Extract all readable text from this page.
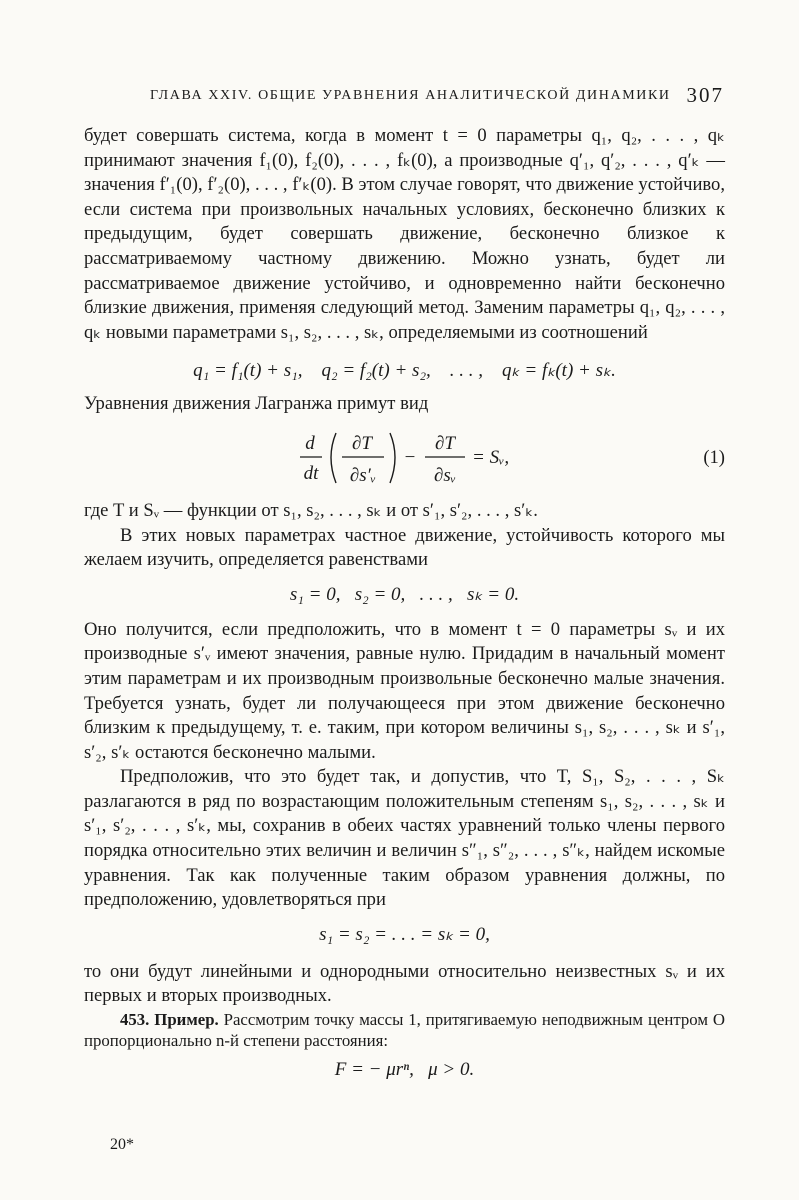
ГЛАВА XXIV. ОБЩИЕ УРАВНЕНИЯ АНАЛИТИЧЕСКОЙ ДИНАМИКИ 307

будет совершать система, когда в момент t = 0 параметры q₁, q₂, . . . , qₖ принимают значения f₁(0), f₂(0), . . . , fₖ(0), а производные q′₁, q′₂, . . . , q′ₖ — значения f′₁(0), f′₂(0), . . . , f′ₖ(0). В этом случае говорят, что движение устойчиво, если система при произвольных начальных условиях, бесконечно близких к предыдущим, будет совершать движение, бесконечно близкое к рассматриваемому частному движению. Можно узнать, будет ли рассматриваемое движение устойчиво, и одновременно найти бесконечно близкие движения, применяя следующий метод. Заменим параметры q₁, q₂, . . . , qₖ новыми параметрами s₁, s₂, . . . , sₖ, определяемыми из соотношений

q₁ = f₁(t) + s₁,    q₂ = f₂(t) + s₂,    . . . ,    qₖ = fₖ(t) + sₖ.

Уравнения движения Лагранжа примут вид

d
dt
∂T
∂s′ᵥ
−
∂T
∂sᵥ
= Sᵥ,	(1)

где T и Sᵥ — функции от s₁, s₂, . . . , sₖ и от s′₁, s′₂, . . . , s′ₖ.

В этих новых параметрах частное движение, устойчивость которого мы желаем изучить, определяется равенствами

s₁ = 0,   s₂ = 0,   . . . ,   sₖ = 0.

Оно получится, если предположить, что в момент t = 0 параметры sᵥ и их производные s′ᵥ имеют значения, равные нулю. Придадим в начальный момент этим параметрам и их производным произвольные бесконечно малые значения. Требуется узнать, будет ли получающееся при этом движение бесконечно близким к предыдущему, т. е. таким, при котором величины s₁, s₂, . . . , sₖ и s′₁, s′₂, s′ₖ остаются бесконечно малыми.

Предположив, что это будет так, и допустив, что T, S₁, S₂, . . . , Sₖ разлагаются в ряд по возрастающим положительным степеням s₁, s₂, . . . , sₖ и s′₁, s′₂, . . . , s′ₖ, мы, сохранив в обеих частях уравнений только члены первого порядка относительно этих величин и величин s″₁, s″₂, . . . , s″ₖ, найдем искомые уравнения. Так как полученные таким образом уравнения должны, по предположению, удовлетворяться при

s₁ = s₂ = . . . = sₖ = 0,

то они будут линейными и однородными относительно неизвестных sᵥ и их первых и вторых производных.

453. Пример. Рассмотрим точку массы 1, притягиваемую неподвижным центром O пропорционально n-й степени расстояния:

F = − μrⁿ,   μ > 0.
20*
